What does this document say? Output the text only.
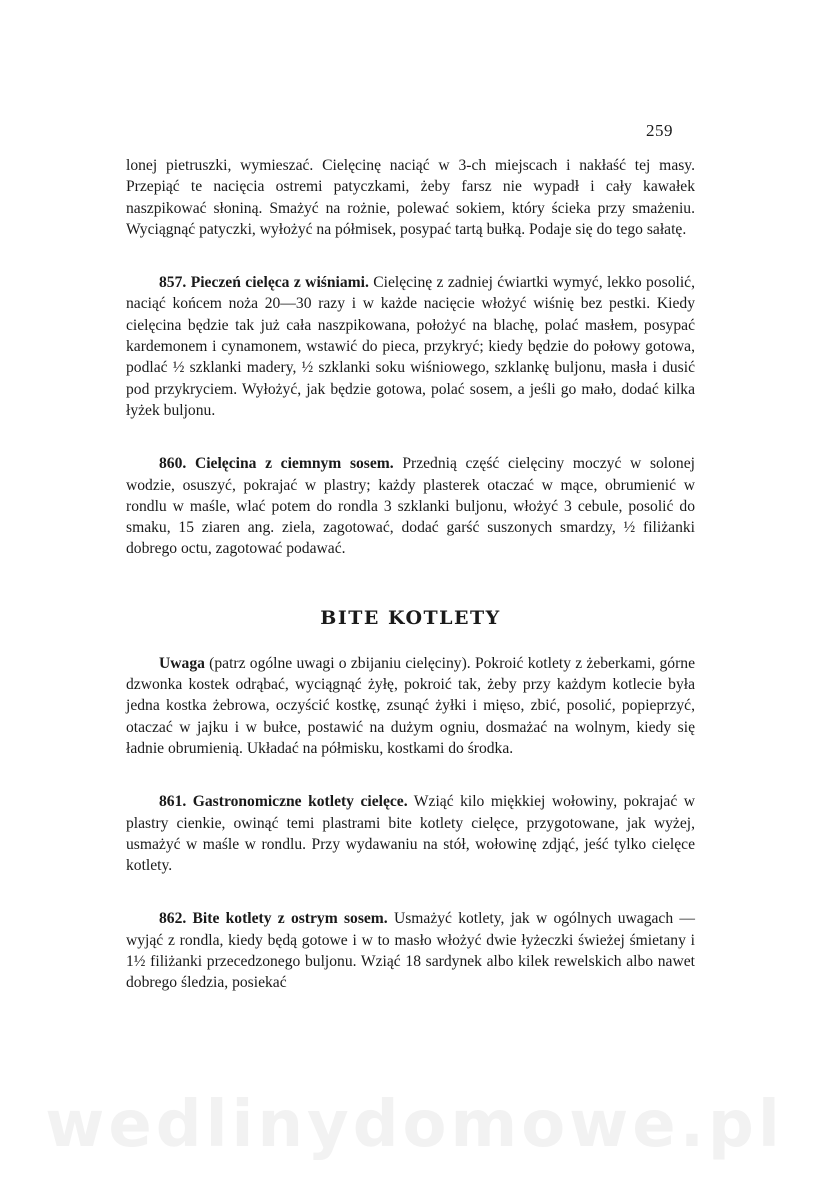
259

lonej pietruszki, wymieszać. Cielęcinę naciąć w 3-ch miejscach i nakłaść tej masy. Przepiąć te nacięcia ostremi patyczkami, żeby farsz nie wypadł i cały kawałek naszpikować słoniną. Smażyć na rożnie, polewać sokiem, który ścieka przy smażeniu. Wyciągnąć patyczki, wyłożyć na półmisek, posypać tartą bułką. Podaje się do tego sałatę.

857. Pieczeń cielęca z wiśniami. Cielęcinę z zadniej ćwiartki wymyć, lekko posolić, naciąć końcem noża 20—30 razy i w każde nacięcie włożyć wiśnię bez pestki. Kiedy cielęcina będzie tak już cała naszpikowana, położyć na blachę, polać masłem, posypać kardemonem i cynamonem, wstawić do pieca, przykryć; kiedy będzie do połowy gotowa, podlać ½ szklanki madery, ½ szklanki soku wiśniowego, szklankę buljonu, masła i dusić pod przykryciem. Wyłożyć, jak będzie gotowa, polać sosem, a jeśli go mało, dodać kilka łyżek buljonu.

860. Cielęcina z ciemnym sosem. Przednią część cielęciny moczyć w solonej wodzie, osuszyć, pokrajać w plastry; każdy plasterek otaczać w mące, obrumienić w rondlu w maśle, wlać potem do rondla 3 szklanki buljonu, włożyć 3 cebule, posolić do smaku, 15 ziaren ang. ziela, zagotować, dodać garść suszonych smardzy, ½ filiżanki dobrego octu, zagotować podawać.

BITE KOTLETY

Uwaga (patrz ogólne uwagi o zbijaniu cielęciny). Pokroić kotlety z żeberkami, górne dzwonka kostek odrąbać, wyciągnąć żyłę, pokroić tak, żeby przy każdym kotlecie była jedna kostka żebrowa, oczyścić kostkę, zsunąć żyłki i mięso, zbić, posolić, popieprzyć, otaczać w jajku i w bułce, postawić na dużym ogniu, dosmażać na wolnym, kiedy się ładnie obrumienią. Układać na półmisku, kostkami do środka.

861. Gastronomiczne kotlety cielęce. Wziąć kilo miękkiej wołowiny, pokrajać w plastry cienkie, owinąć temi plastrami bite kotlety cielęce, przygotowane, jak wyżej, usmażyć w maśle w rondlu. Przy wydawaniu na stół, wołowinę zdjąć, jeść tylko cielęce kotlety.

862. Bite kotlety z ostrym sosem. Usmażyć kotlety, jak w ogólnych uwagach — wyjąć z rondla, kiedy będą gotowe i w to masło włożyć dwie łyżeczki świeżej śmietany i 1½ filiżanki przecedzonego buljonu. Wziąć 18 sardynek albo kilek rewelskich albo nawet dobrego śledzia, posiekać

wedlinydomowe.pl
